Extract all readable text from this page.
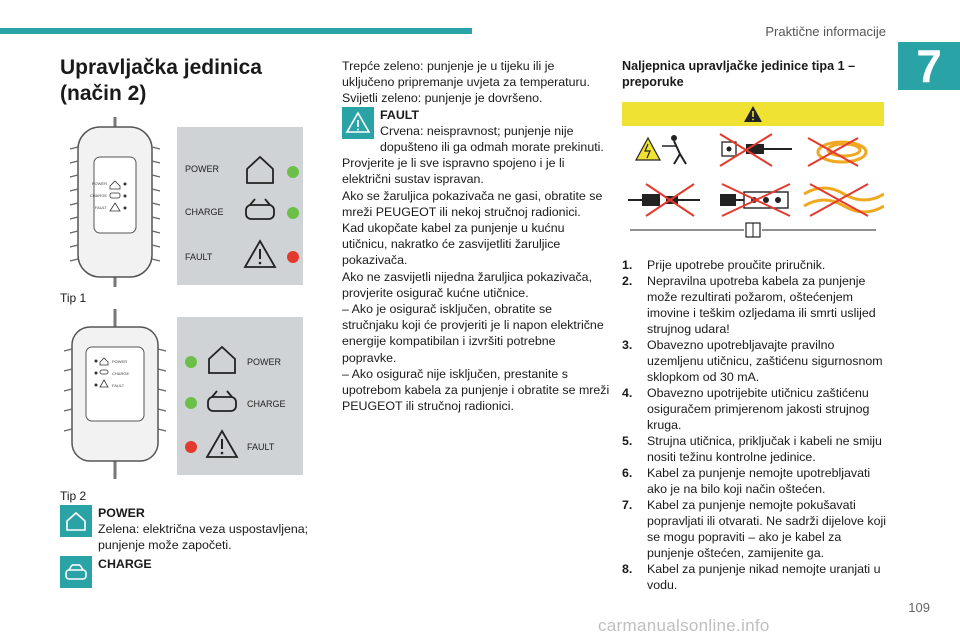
Praktične informacije
7
Upravljačka jedinica (način 2)
POWER
CHARGE
FAULT
POWER
CHARGE
FAULT

Tip 1

POWER
CHARGE
FAULT
POWER
CHARGE
FAULT

Tip 2

POWER
Zelena: električna veza uspostavljena; punjenje može započeti.
CHARGE

Trepće zeleno: punjenje je u tijeku ili je uključeno pripremanje uvjeta za temperaturu.
Svijetli zeleno: punjenje je dovršeno.

FAULT
Crvena: neispravnost; punjenje nije dopušteno ili ga odmah morate prekinuti.

Provjerite je li sve ispravno spojeno i je li električni sustav ispravan.

Ako se žaruljica pokazivača ne gasi, obratite se mreži PEUGEOT ili nekoj stručnoj radionici.

Kad ukopčate kabel za punjenje u kućnu utičnicu, nakratko će zasvijetliti žaruljice pokazivača.

Ako ne zasvijetli nijedna žaruljica pokazivača, provjerite osigurač kućne utičnice.

– Ako je osigurač isključen, obratite se stručnjaku koji će provjeriti je li napon električne energije kompatibilan i izvršiti potrebne popravke.

– Ako osigurač nije isključen, prestanite s upotrebom kabela za punjenje i obratite se mreži PEUGEOT ili stručnoj radionici.

Naljepnica upravljačke jedinice tipa 1 – preporuke

1. Prije upotrebe proučite priručnik.
2. Nepravilna upotreba kabela za punjenje može rezultirati požarom, oštećenjem imovine i teškim ozljedama ili smrti uslijed strujnog udara!
3. Obavezno upotrebljavajte pravilno uzemljenu utičnicu, zaštićenu sigurnosnom sklopkom od 30 mA.
4. Obavezno upotrijebite utičnicu zaštićenu osiguračem primjerenom jakosti strujnog kruga.
5. Strujna utičnica, priključak i kabeli ne smiju nositi težinu kontrolne jedinice.
6. Kabel za punjenje nemojte upotrebljavati ako je na bilo koji način oštećen.
7. Kabel za punjenje nemojte pokušavati popravljati ili otvarati. Ne sadrži dijelove koji se mogu popraviti – ako je kabel za punjenje oštećen, zamijenite ga.
8. Kabel za punjenje nikad nemojte uranjati u vodu.
109
carmanualsonline.info
